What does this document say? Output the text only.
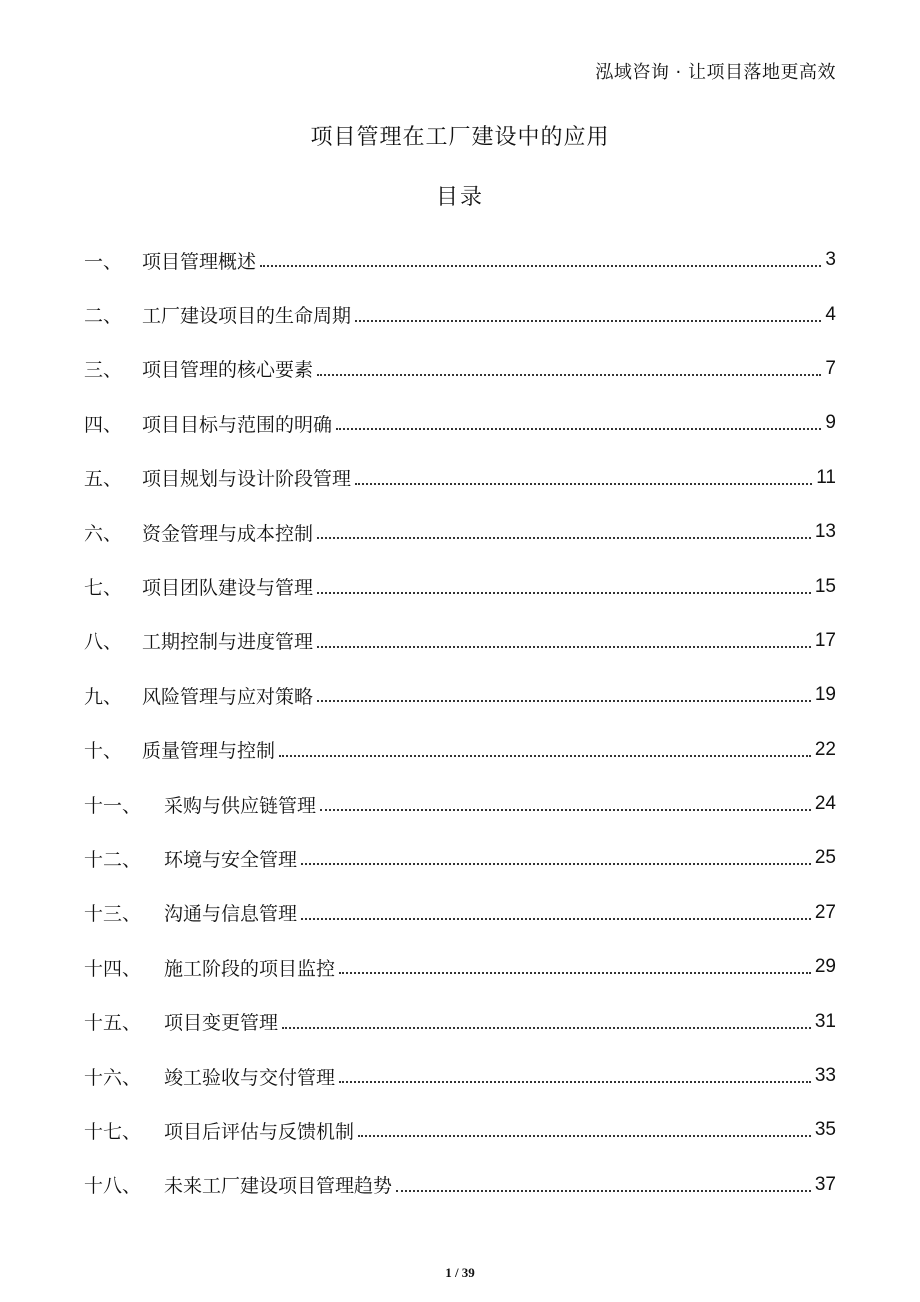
泓域咨询 · 让项目落地更高效
项目管理在工厂建设中的应用
目录
一、	项目管理概述	3
二、	工厂建设项目的生命周期	4
三、	项目管理的核心要素	7
四、	项目目标与范围的明确	9
五、	项目规划与设计阶段管理	11
六、	资金管理与成本控制	13
七、	项目团队建设与管理	15
八、	工期控制与进度管理	17
九、	风险管理与应对策略	19
十、	质量管理与控制	22
十一、	采购与供应链管理	24
十二、	环境与安全管理	25
十三、	沟通与信息管理	27
十四、	施工阶段的项目监控	29
十五、	项目变更管理	31
十六、	竣工验收与交付管理	33
十七、	项目后评估与反馈机制	35
十八、	未来工厂建设项目管理趋势	37
1 / 39
